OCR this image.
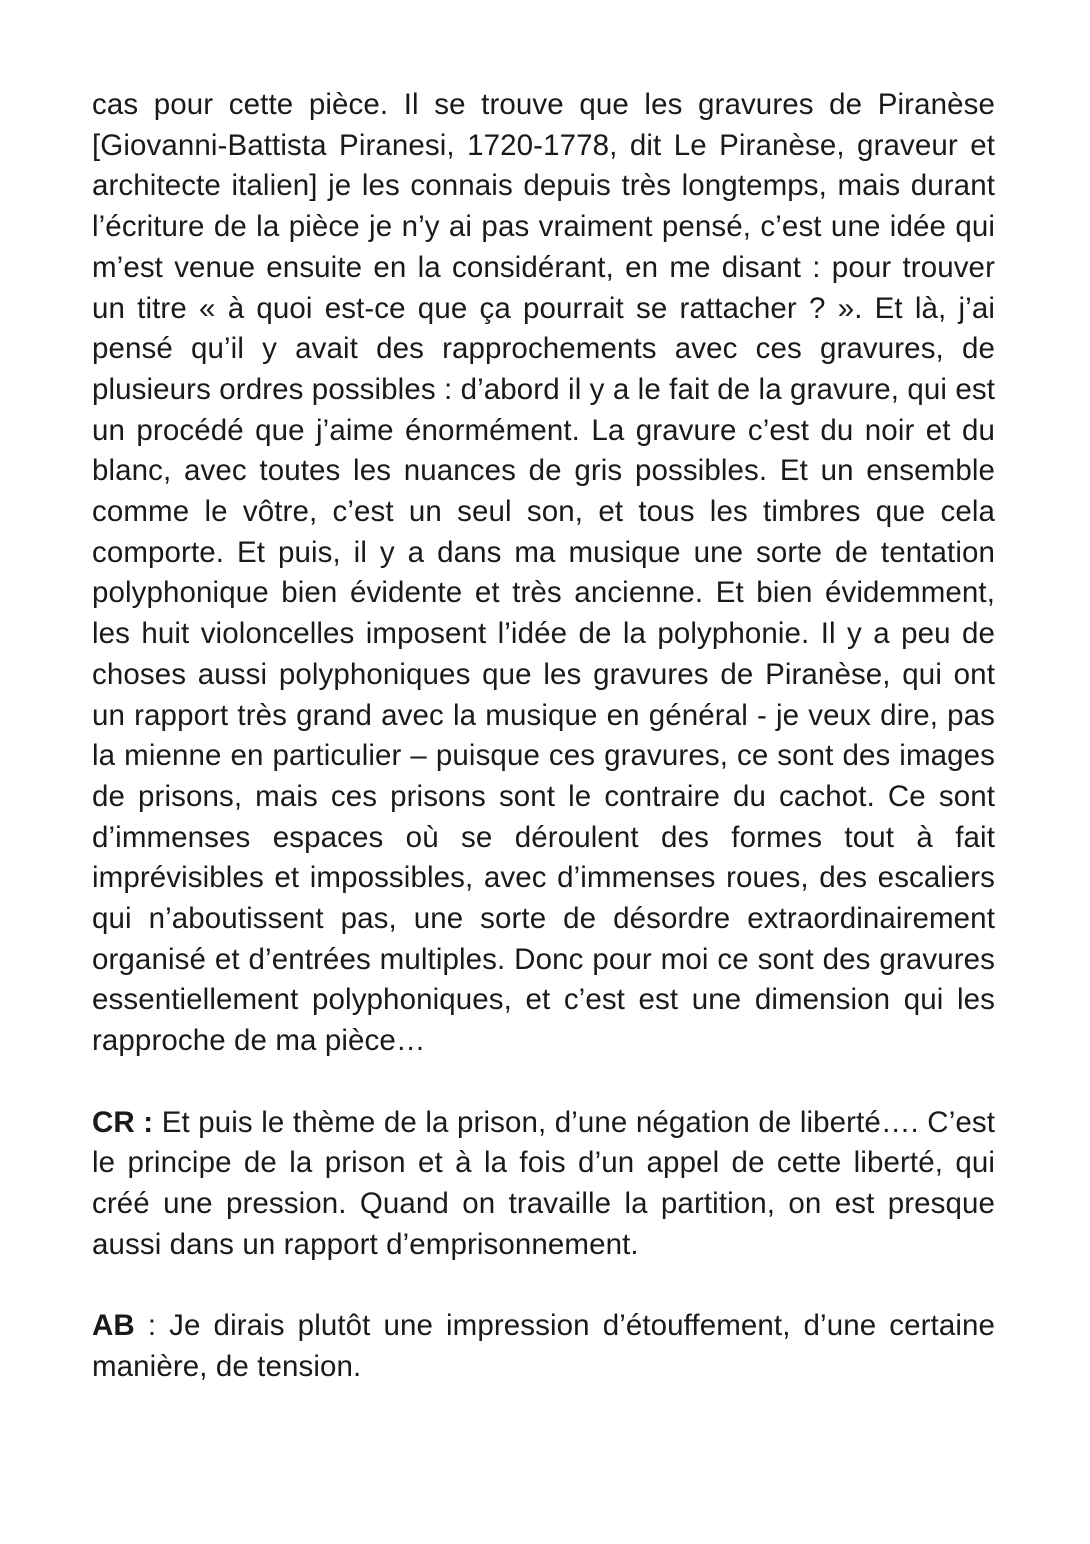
cas pour cette pièce. Il se trouve que les gravures de Piranèse [Giovanni-Battista Piranesi, 1720-1778, dit Le Piranèse, graveur et architecte italien] je les connais depuis très longtemps, mais durant l’écriture de la pièce je n’y ai pas vraiment pensé, c’est une idée qui m’est venue ensuite en la considérant, en me disant : pour trouver un titre « à quoi est-ce que ça pourrait se rattacher ? ». Et là, j’ai pensé qu’il y avait des rapprochements avec ces gravures, de plusieurs ordres possibles : d’abord il y a le fait de la gravure, qui est un procédé que j’aime énormément. La gravure c’est du noir et du blanc, avec toutes les nuances de gris possibles. Et un ensemble comme le vôtre, c’est un seul son, et tous les timbres que cela comporte. Et puis, il y a dans ma musique une sorte de tentation polyphonique bien évidente et très ancienne. Et bien évidemment, les huit violoncelles imposent l’idée de la polyphonie. Il y a peu de choses aussi polyphoniques que les gravures de Piranèse, qui ont un rapport très grand avec la musique en général - je veux dire, pas la mienne en particulier – puisque ces gravures, ce sont des images de prisons, mais ces prisons sont le contraire du cachot. Ce sont d’immenses espaces où se déroulent des formes tout à fait imprévisibles et impossibles, avec d’immenses roues, des escaliers qui n’aboutissent pas, une sorte de désordre extraordinairement organisé et d’entrées multiples. Donc pour moi ce sont des gravures essentiellement polyphoniques, et c’est est une dimension qui les rapproche de ma pièce…

CR : Et puis le thème de la prison, d’une négation de liberté…. C’est le principe de la prison et à la fois d’un appel de cette liberté, qui créé une pression. Quand on travaille la partition, on est presque aussi dans un rapport d’emprisonnement.

AB : Je dirais plutôt une impression d’étouffement, d’une certaine manière, de tension.
